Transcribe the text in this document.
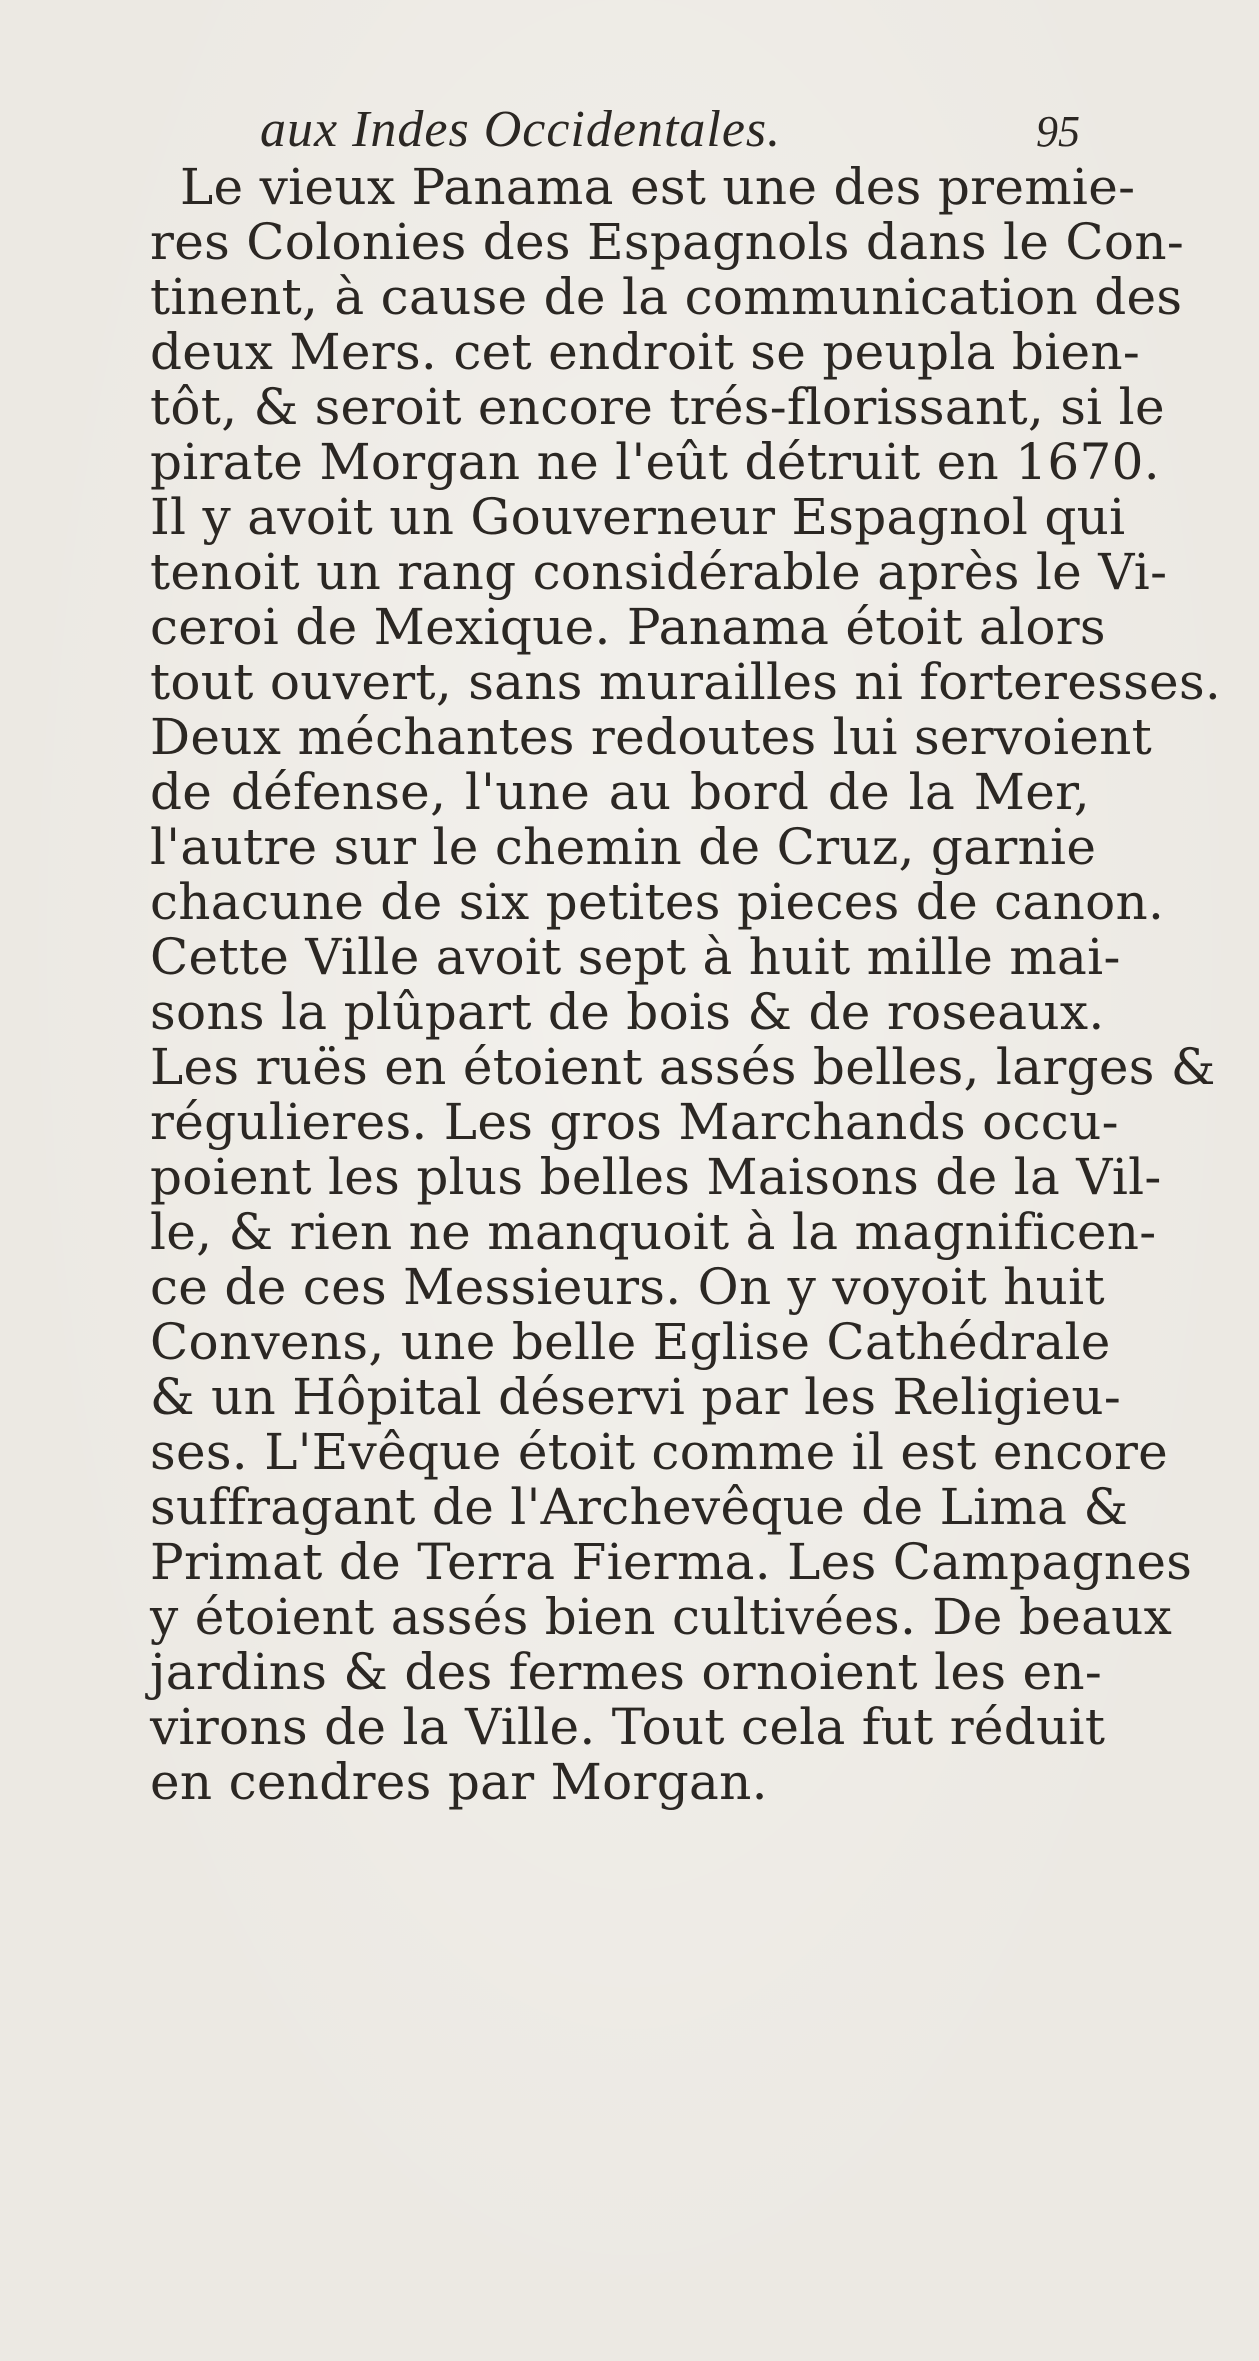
aux Indes Occidentales.	95
Le vieux Panama est une des premie-
res Colonies des Espagnols dans le Con-
tinent, à cause de la communication des
deux Mers. cet endroit se peupla bien-
tôt, & seroit encore trés-florissant, si le
pirate Morgan ne l'eût détruit en 1670.
Il y avoit un Gouverneur Espagnol qui
tenoit un rang considérable après le Vi-
ceroi de Mexique. Panama étoit alors
tout ouvert, sans murailles ni forteresses.
Deux méchantes redoutes lui servoient
de défense, l'une au bord de la Mer,
l'autre sur le chemin de Cruz, garnie
chacune de six petites pieces de canon.
Cette Ville avoit sept à huit mille mai-
sons la plûpart de bois & de roseaux.
Les ruës en étoient assés belles, larges &
régulieres. Les gros Marchands occu-
poient les plus belles Maisons de la Vil-
le, & rien ne manquoit à la magnificen-
ce de ces Messieurs. On y voyoit huit
Convens, une belle Eglise Cathédrale
& un Hôpital déservi par les Religieu-
ses. L'Evêque étoit comme il est encore
suffragant de l'Archevêque de Lima &
Primat de Terra Fierma. Les Campagnes
y étoient assés bien cultivées. De beaux
jardins & des fermes ornoient les en-
virons de la Ville. Tout cela fut réduit
en cendres par Morgan.
